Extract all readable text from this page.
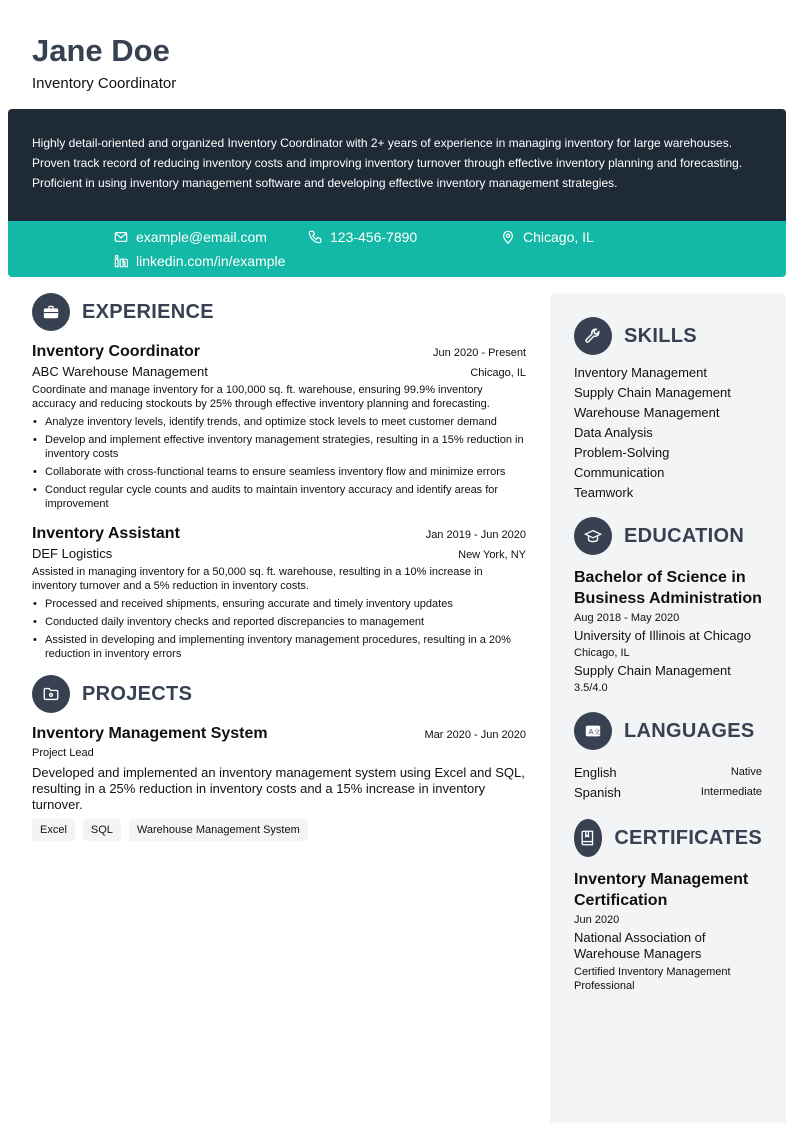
Jane Doe
Inventory Coordinator
Highly detail-oriented and organized Inventory Coordinator with 2+ years of experience in managing inventory for large warehouses. Proven track record of reducing inventory costs and improving inventory turnover through effective inventory planning and forecasting. Proficient in using inventory management software and developing effective inventory management strategies.
example@email.com	123-456-7890	Chicago, IL
linkedin.com/in/example
EXPERIENCE
Inventory Coordinator	Jun 2020 - Present
ABC Warehouse Management	Chicago, IL
Coordinate and manage inventory for a 100,000 sq. ft. warehouse, ensuring 99.9% inventory accuracy and reducing stockouts by 25% through effective inventory planning and forecasting.
• Analyze inventory levels, identify trends, and optimize stock levels to meet customer demand
• Develop and implement effective inventory management strategies, resulting in a 15% reduction in inventory costs
• Collaborate with cross-functional teams to ensure seamless inventory flow and minimize errors
• Conduct regular cycle counts and audits to maintain inventory accuracy and identify areas for improvement
Inventory Assistant	Jan 2019 - Jun 2020
DEF Logistics	New York, NY
Assisted in managing inventory for a 50,000 sq. ft. warehouse, resulting in a 10% increase in inventory turnover and a 5% reduction in inventory costs.
• Processed and received shipments, ensuring accurate and timely inventory updates
• Conducted daily inventory checks and reported discrepancies to management
• Assisted in developing and implementing inventory management procedures, resulting in a 20% reduction in inventory errors
PROJECTS
Inventory Management System	Mar 2020 - Jun 2020
Project Lead
Developed and implemented an inventory management system using Excel and SQL, resulting in a 25% reduction in inventory costs and a 15% increase in inventory turnover.
Excel	SQL	Warehouse Management System
SKILLS
Inventory Management
Supply Chain Management
Warehouse Management
Data Analysis
Problem-Solving
Communication
Teamwork
EDUCATION
Bachelor of Science in Business Administration
Aug 2018 - May 2020
University of Illinois at Chicago
Chicago, IL
Supply Chain Management
3.5/4.0
A 文 LANGUAGES
English	Native
Spanish	Intermediate
CERTIFICATES
Inventory Management Certification
Jun 2020
National Association of Warehouse Managers
Certified Inventory Management Professional
